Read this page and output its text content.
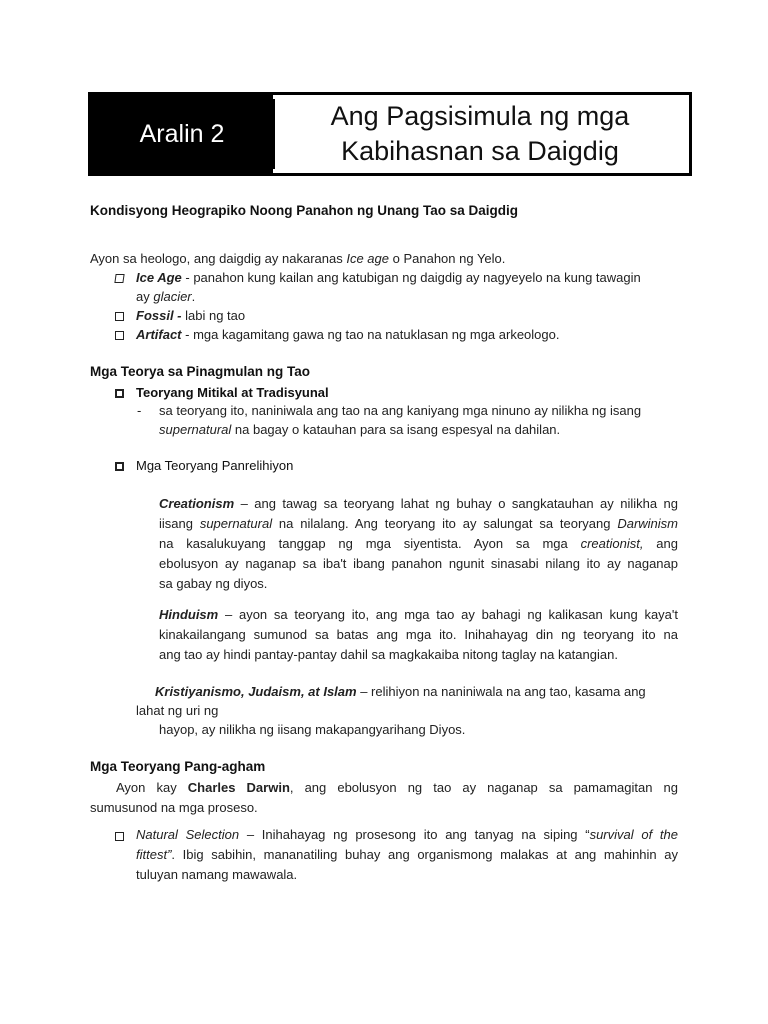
Aralin 2
Ang Pagsisimula ng mga
Kabihasnan sa Daigdig
Kondisyong Heograpiko Noong Panahon ng Unang Tao sa Daigdig
Ayon sa heologo, ang daigdig ay nakaranas Ice age o Panahon ng Yelo.
Ice Age - panahon kung kailan ang katubigan ng daigdig ay nagyeyelo na kung tawagin
ay glacier.
Fossil - labi ng tao
Artifact - mga kagamitang gawa ng tao na natuklasan ng mga arkeologo.
Mga Teorya sa Pinagmulan ng Tao
Teoryang Mitikal at Tradisyunal
- sa teoryang ito, naniniwala ang tao na ang kaniyang mga ninuno ay nilikha ng isang
supernatural na bagay o katauhan para sa isang espesyal na dahilan.
Mga Teoryang Panrelihiyon
Creationism – ang tawag sa teoryang lahat ng buhay o sangkatauhan ay nilikha ng
iisang supernatural na nilalang. Ang teoryang ito ay salungat sa teoryang Darwinism
na kasalukuyang tanggap ng mga siyentista. Ayon sa mga creationist, ang
ebolusyon ay naganap sa iba't ibang panahon ngunit sinasabi nilang ito ay naganap
sa gabay ng diyos.
Hinduism – ayon sa teoryang ito, ang mga tao ay bahagi ng kalikasan kung kaya't
kinakailangang sumunod sa batas ang mga ito. Inihahayag din ng teoryang ito na
ang tao ay hindi pantay-pantay dahil sa magkakaiba nitong taglay na katangian.
Kristiyanismo, Judaism, at Islam – relihiyon na naniniwala na ang tao, kasama ang
lahat ng uri ng
hayop, ay nilikha ng iisang makapangyarihang Diyos.
Mga Teoryang Pang-agham
Ayon kay Charles Darwin, ang ebolusyon ng tao ay naganap sa pamamagitan ng
sumusunod na mga proseso.
Natural Selection – Inihahayag ng prosesong ito ang tanyag na siping “survival of the
fittest”. Ibig sabihin, mananatiling buhay ang organismong malakas at ang mahinhin ay
tuluyan namang mawawala.
